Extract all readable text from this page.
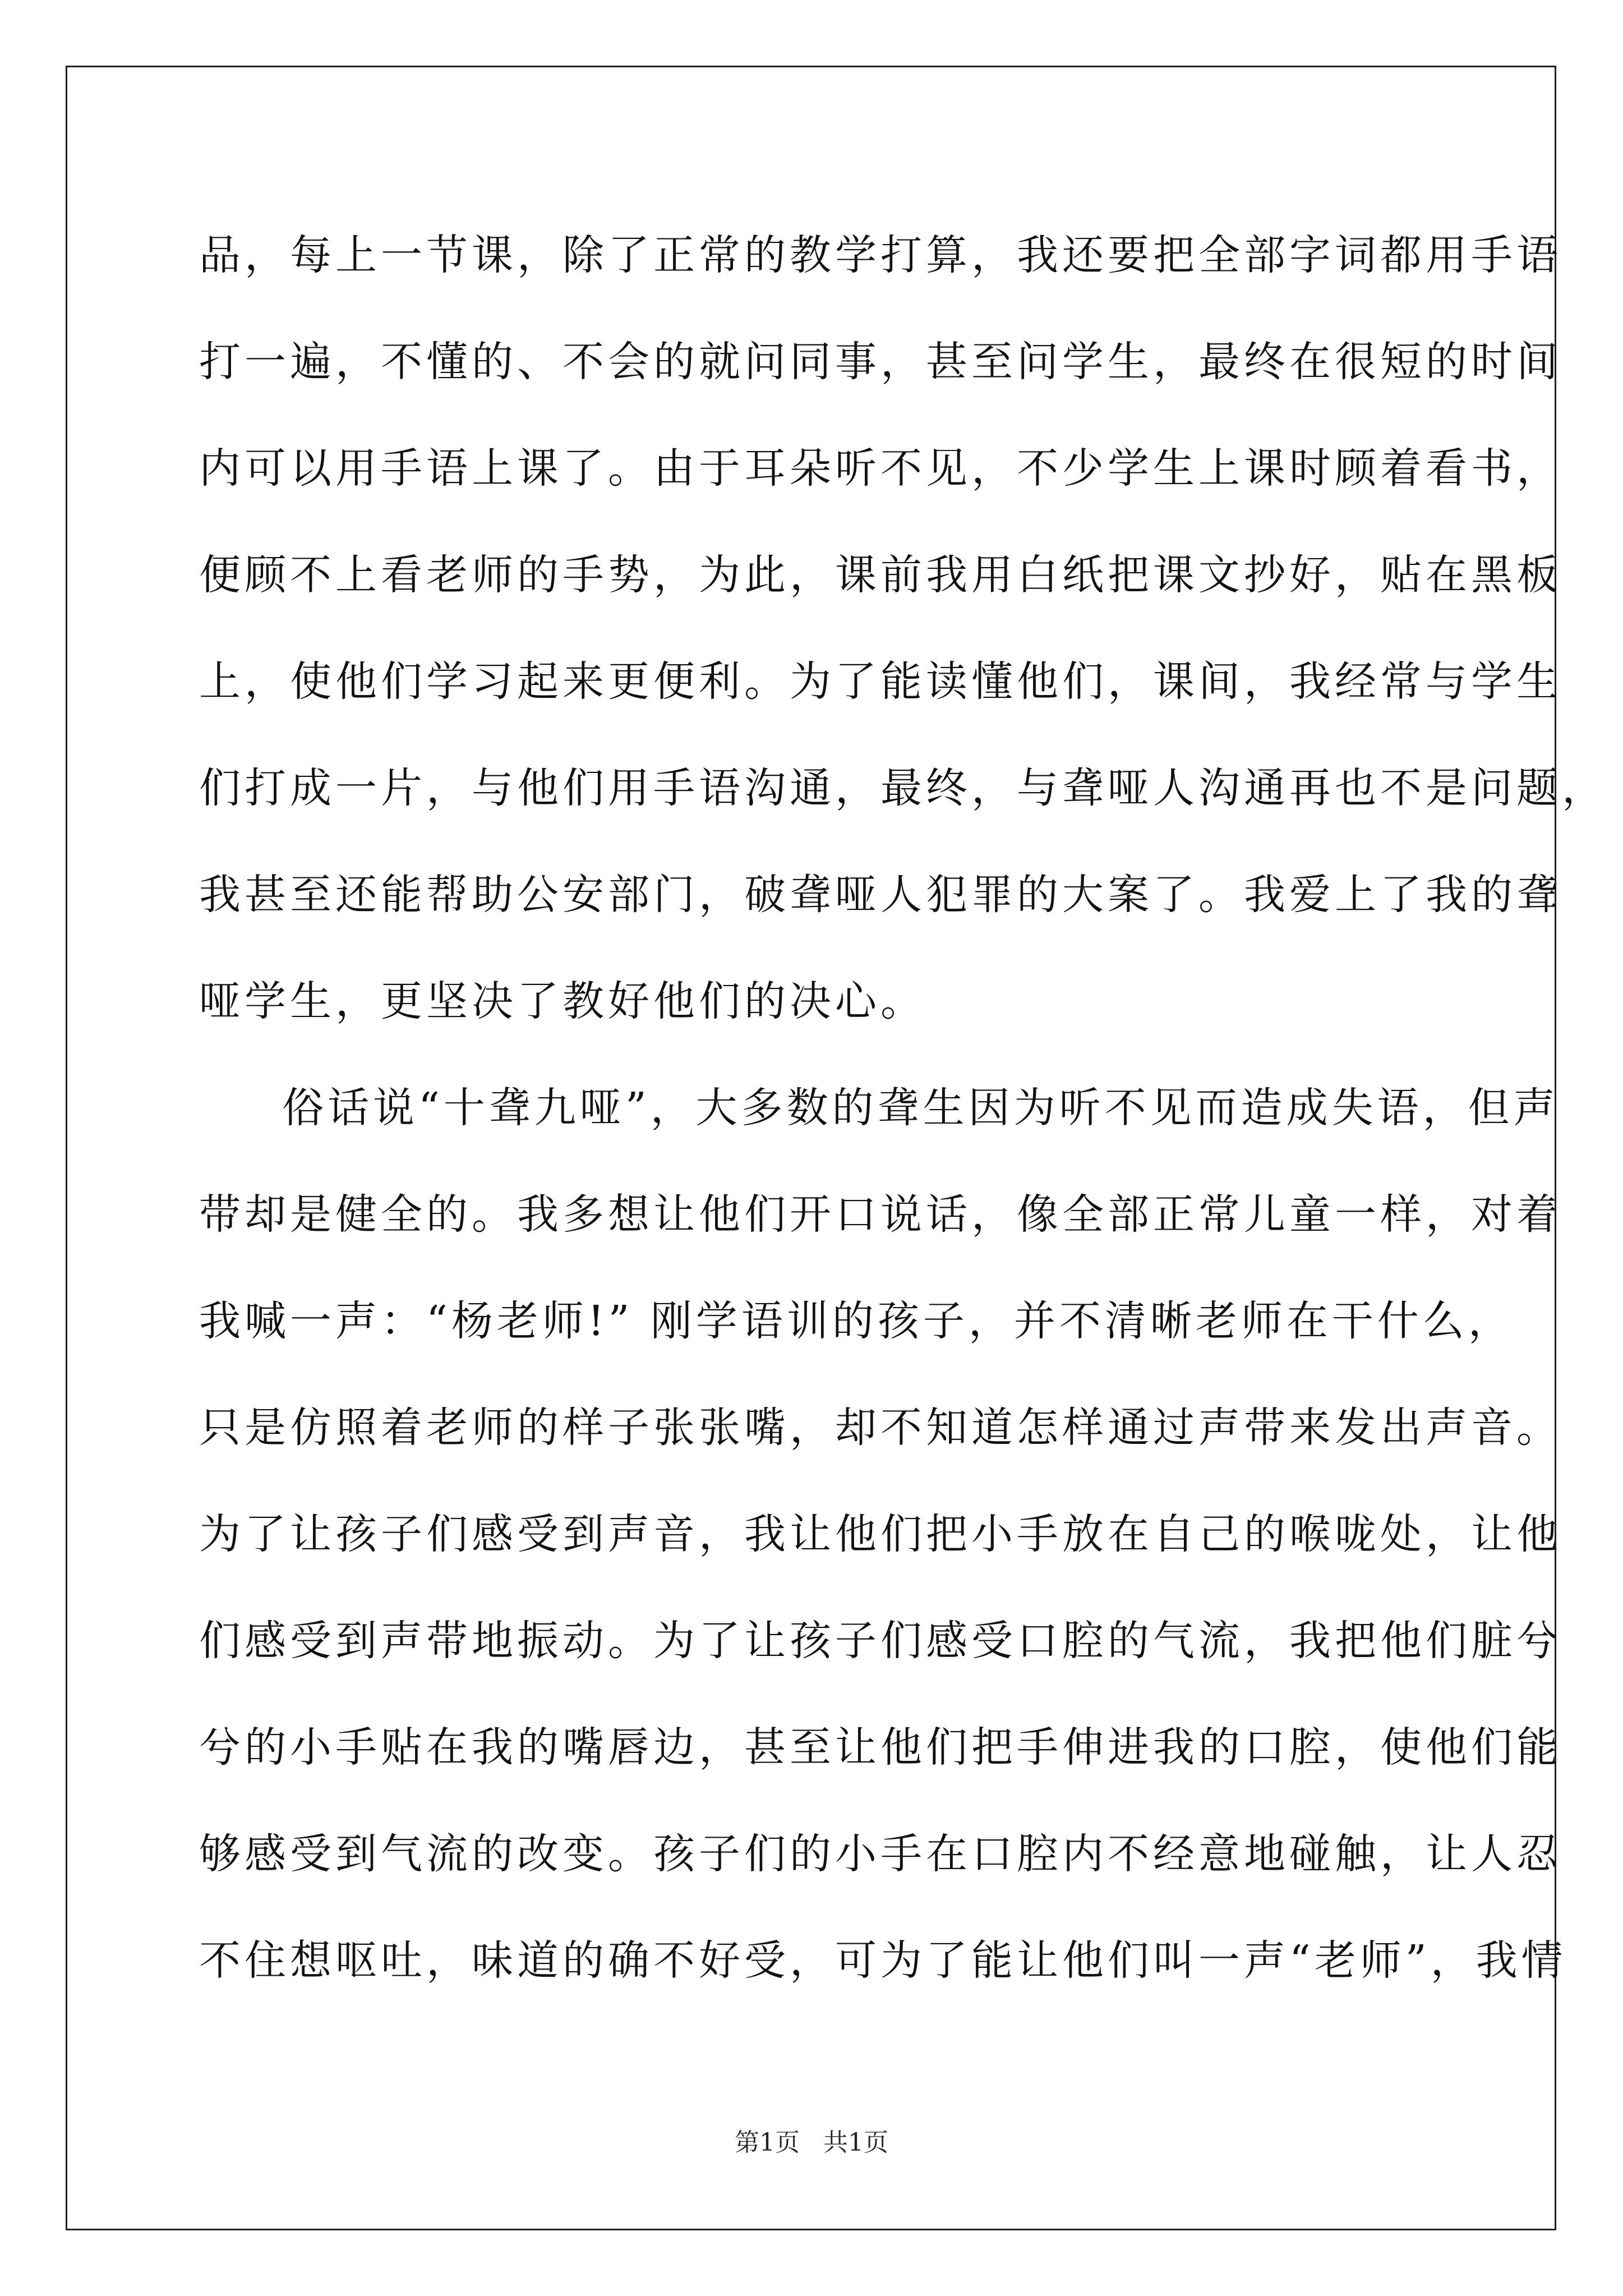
品，每上一节课，除了正常的教学打算，我还要把全部字词都用手语
打一遍，不懂的、不会的就问同事，甚至问学生，最终在很短的时间
内可以用手语上课了。由于耳朵听不见，不少学生上课时顾着看书，
便顾不上看老师的手势，为此，课前我用白纸把课文抄好，贴在黑板
上，使他们学习起来更便利。为了能读懂他们，课间，我经常与学生
们打成一片，与他们用手语沟通，最终，与聋哑人沟通再也不是问题，
我甚至还能帮助公安部门，破聋哑人犯罪的大案了。我爱上了我的聋
哑学生，更坚决了教好他们的决心。
俗话说“十聋九哑”，大多数的聋生因为听不见而造成失语，但声
带却是健全的。我多想让他们开口说话，像全部正常儿童一样，对着
我喊一声：“杨老师!” 刚学语训的孩子，并不清晰老师在干什么，
只是仿照着老师的样子张张嘴，却不知道怎样通过声带来发出声音。
为了让孩子们感受到声音，我让他们把小手放在自己的喉咙处，让他
们感受到声带地振动。为了让孩子们感受口腔的气流，我把他们脏兮
兮的小手贴在我的嘴唇边，甚至让他们把手伸进我的口腔，使他们能
够感受到气流的改变。孩子们的小手在口腔内不经意地碰触，让人忍
不住想呕吐，味道的确不好受，可为了能让他们叫一声“老师”，我情
第1页 共1页
